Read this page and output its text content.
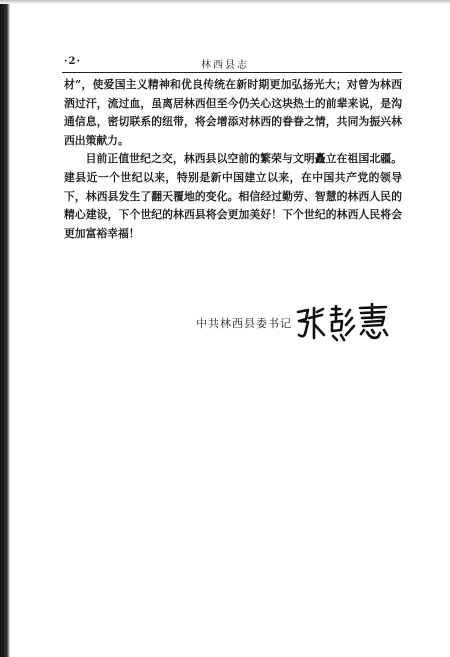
·2·	林西县志

材”，使爱国主义精神和优良传统在新时期更加弘扬光大；对曾为林西洒过汗，流过血，虽离居林西但至今仍关心这块热土的前辈来说，是沟通信息，密切联系的纽带，将会增添对林西的眷眷之情，共同为振兴林西出策献力。

目前正值世纪之交，林西县以空前的繁荣与文明矗立在祖国北疆。建县近一个世纪以来，特别是新中国建立以来，在中国共产党的领导下，林西县发生了翻天覆地的变化。相信经过勤劳、智慧的林西人民的精心建设，下个世纪的林西县将会更加美好！下个世纪的林西人民将会更加富裕幸福！

中共林西县委书记
